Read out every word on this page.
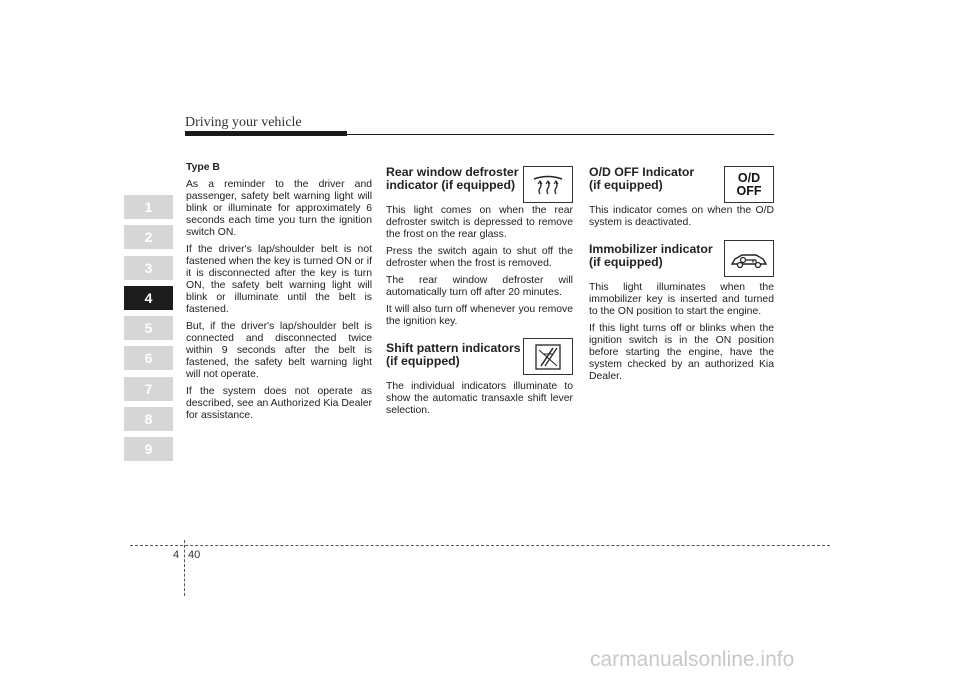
Driving your vehicle
1
2
3
4
5
6
7
8
9
Type B

As a reminder to the driver and passenger, safety belt warning light will blink or illuminate for approximately 6 seconds each time you turn the ignition switch ON.

If the driver's lap/shoulder belt is not fastened when the key is turned ON or if it is disconnected after the key is turn ON, the safety belt warning light will blink or illuminate until the belt is fastened.

But, if the driver's lap/shoulder belt is connected and disconnected twice within 9 seconds after the belt is fastened, the safety belt warning light will not operate.

If the system does not operate as described, see an Authorized Kia Dealer for assistance.

Rear window defroster
indicator (if equipped)

This light comes on when the rear defroster switch is depressed to remove the frost on the rear glass.

Press the switch again to shut off the defroster when the frost is removed.

The rear window defroster will automatically turn off after 20 minutes.

It will also turn off whenever you remove the ignition key.

Shift pattern indicators
(if equipped)

The individual indicators illuminate to show the automatic transaxle shift lever selection.

O/D
OFF
O/D OFF Indicator
(if equipped)

This indicator comes on when the O/D system is deactivated.

Immobilizer indicator
(if equipped)

This light illuminates when the immobilizer key is inserted and turned to the ON position to start the engine.

If this light turns off or blinks when the ignition switch is in the ON position before starting the engine, have the system checked by an authorized Kia Dealer.

4 40
carmanualsonline.info
